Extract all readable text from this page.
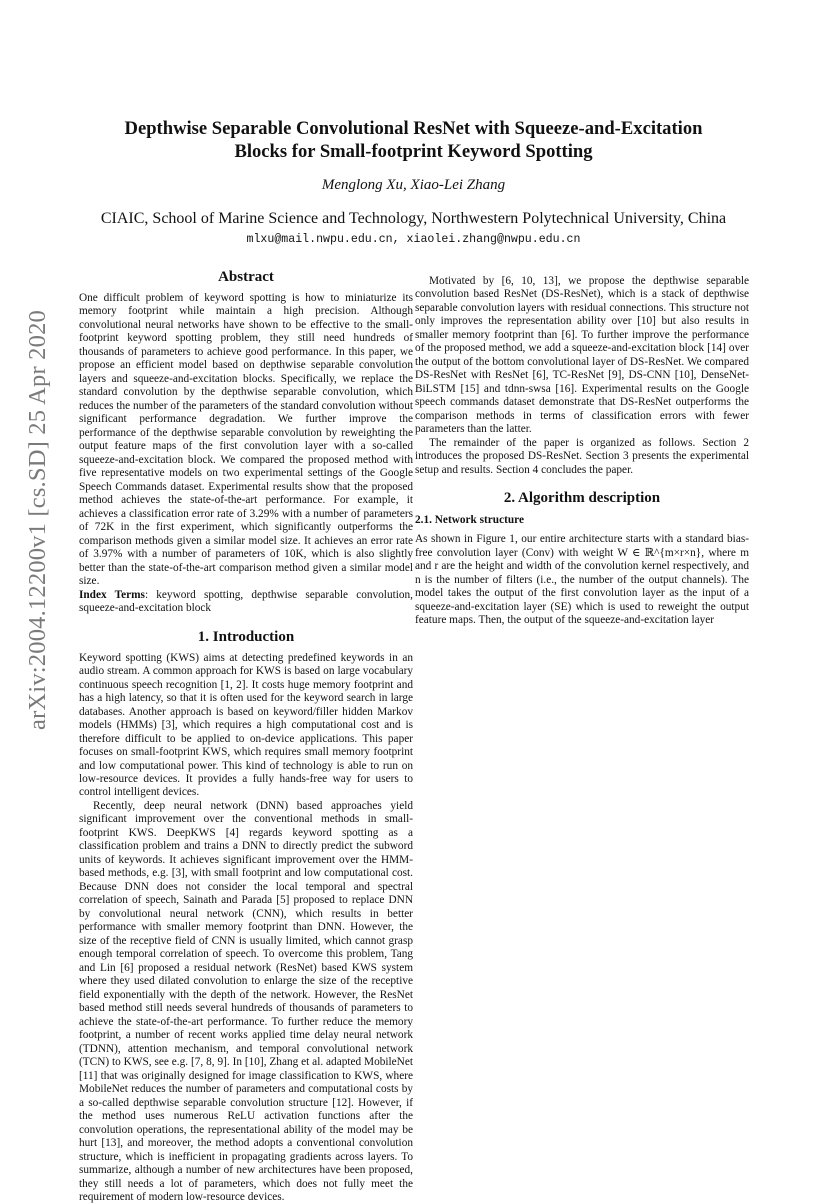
arXiv:2004.12200v1 [cs.SD] 25 Apr 2020
Depthwise Separable Convolutional ResNet with Squeeze-and-Excitation
Blocks for Small-footprint Keyword Spotting
Menglong Xu, Xiao-Lei Zhang
CIAIC, School of Marine Science and Technology, Northwestern Polytechnical University, China
mlxu@mail.nwpu.edu.cn, xiaolei.zhang@nwpu.edu.cn
Abstract

One difficult problem of keyword spotting is how to miniaturize its memory footprint while maintain a high precision. Although convolutional neural networks have shown to be effective to the small-footprint keyword spotting problem, they still need hundreds of thousands of parameters to achieve good performance. In this paper, we propose an efficient model based on depthwise separable convolution layers and squeeze-and-excitation blocks. Specifically, we replace the standard convolution by the depthwise separable convolution, which reduces the number of the parameters of the standard convolution without significant performance degradation. We further improve the performance of the depthwise separable convolution by reweighting the output feature maps of the first convolution layer with a so-called squeeze-and-excitation block. We compared the proposed method with five representative models on two experimental settings of the Google Speech Commands dataset. Experimental results show that the proposed method achieves the state-of-the-art performance. For example, it achieves a classification error rate of 3.29% with a number of parameters of 72K in the first experiment, which significantly outperforms the comparison methods given a similar model size. It achieves an error rate of 3.97% with a number of parameters of 10K, which is also slightly better than the state-of-the-art comparison method given a similar model size.

Index Terms: keyword spotting, depthwise separable convolution, squeeze-and-excitation block

1. Introduction

Keyword spotting (KWS) aims at detecting predefined keywords in an audio stream. A common approach for KWS is based on large vocabulary continuous speech recognition [1, 2]. It costs huge memory footprint and has a high latency, so that it is often used for the keyword search in large databases. Another approach is based on keyword/filler hidden Markov models (HMMs) [3], which requires a high computational cost and is therefore difficult to be applied to on-device applications. This paper focuses on small-footprint KWS, which requires small memory footprint and low computational power. This kind of technology is able to run on low-resource devices. It provides a fully hands-free way for users to control intelligent devices.

Recently, deep neural network (DNN) based approaches yield significant improvement over the conventional methods in small-footprint KWS. DeepKWS [4] regards keyword spotting as a classification problem and trains a DNN to directly predict the subword units of keywords. It achieves significant improvement over the HMM-based methods, e.g. [3], with small footprint and low computational cost. Because DNN does not consider the local temporal and spectral correlation of speech, Sainath and Parada [5] proposed to replace DNN by convolutional neural network (CNN), which results in better performance with smaller memory footprint than DNN. However, the size of the receptive field of CNN is usually limited, which cannot grasp enough temporal correlation of speech. To overcome this problem, Tang and Lin [6] proposed a residual network (ResNet) based KWS system where they used dilated convolution to enlarge the size of the receptive field exponentially with the depth of the network. However, the ResNet based method still needs several hundreds of thousands of parameters to achieve the state-of-the-art performance. To further reduce the memory footprint, a number of recent works applied time delay neural network (TDNN), attention mechanism, and temporal convolutional network (TCN) to KWS, see e.g. [7, 8, 9]. In [10], Zhang et al. adapted MobileNet [11] that was originally designed for image classification to KWS, where MobileNet reduces the number of parameters and computational costs by a so-called depthwise separable convolution structure [12]. However, if the method uses numerous ReLU activation functions after the convolution operations, the representational ability of the model may be hurt [13], and moreover, the method adopts a conventional convolution structure, which is inefficient in propagating gradients across layers. To summarize, although a number of new architectures have been proposed, they still needs a lot of parameters, which does not fully meet the requirement of modern low-resource devices.

Motivated by [6, 10, 13], we propose the depthwise separable convolution based ResNet (DS-ResNet), which is a stack of depthwise separable convolution layers with residual connections. This structure not only improves the representation ability over [10] but also results in smaller memory footprint than [6]. To further improve the performance of the proposed method, we add a squeeze-and-excitation block [14] over the output of the bottom convolutional layer of DS-ResNet. We compared DS-ResNet with ResNet [6], TC-ResNet [9], DS-CNN [10], DenseNet-BiLSTM [15] and tdnn-swsa [16]. Experimental results on the Google speech commands dataset demonstrate that DS-ResNet outperforms the comparison methods in terms of classification errors with fewer parameters than the latter.

The remainder of the paper is organized as follows. Section 2 introduces the proposed DS-ResNet. Section 3 presents the experimental setup and results. Section 4 concludes the paper.

2. Algorithm description
2.1. Network structure

As shown in Figure 1, our entire architecture starts with a standard bias-free convolution layer (Conv) with weight W ∈ ℝ^{m×r×n}, where m and r are the height and width of the convolution kernel respectively, and n is the number of filters (i.e., the number of the output channels). The model takes the output of the first convolution layer as the input of a squeeze-and-excitation layer (SE) which is used to reweight the output feature maps. Then, the output of the squeeze-and-excitation layer
